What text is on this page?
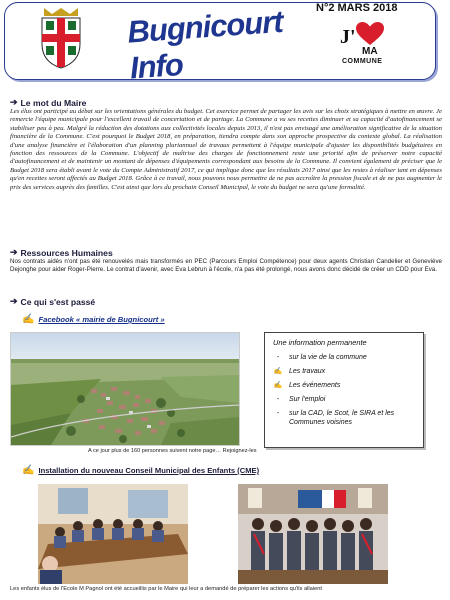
Bugnicourt Info
N°2 MARS 2018
J'
MA
COMMUNE
➔ Le mot du Maire
Les élus ont participé au débat sur les orientations générales du budget. Cet exercice permet de partager les avis sur les choix stratégiques à mettre en œuvre. Je remercie l'équipe municipale pour l'excellent travail de concertation et de partage. La Commune a vu ses recettes diminuer et sa capacité d'autofinancement se stabiliser peu à peu. Malgré la réduction des dotations aux collectivités locales depuis 2013, il n'est pas envisagé une amélioration significative de la situation financière de la Commune. C'est pourquoi le Budget 2018, en préparation, tiendra compte dans son approche prospective du contexte global. La réalisation d'une analyse financière et l'élaboration d'un planning pluriannuel de travaux permettent à l'équipe municipale d'ajuster les disponibilités budgétaires en fonction des ressources de la Commune. L'objectif de maîtrise des charges de fonctionnement reste une priorité afin de préserver notre capacité d'autofinancement et de maintenir un montant de dépenses d'équipements correspondant aux besoins de la Commune. Il convient également de préciser que le Budget 2018 sera établi avant le vote du Compte Administratif 2017, ce qui implique donc que les résultats 2017 ainsi que les restes à réaliser tant en dépenses qu'en recettes seront affectés au Budget 2018. Grâce à ce travail, nous pouvons nous permettre de ne pas accroître la pression fiscale et de ne pas augmenter le prix des services auprès des familles. C'est ainsi que lors du prochain Conseil Municipal, le vote du budget ne sera qu'une formalité.
➔ Ressources Humaines
Nos contrats aidés n'ont pas été renouvelés mais transformés en PEC (Parcours Emploi Compétence) pour deux agents Christian Candelier et Geneviève Dejonghe pour aider Roger-Pierre. Le contrat d'avenir, avec Eva Lebrun à l'école, n'a pas été prolongé, nous avons donc décidé de créer un CDD pour Eva.
➔ Ce qui s'est passé
✍ Facebook « mairie de Bugnicourt »
A ce jour plus de 160 personnes suivent notre page… Rejoignez-les
Une information permanente
-	sur la vie de la commune
✍ Les travaux
✍ Les événements
-	Sur l'emploi
-	sur la CAD, le Scot, le SIRA et les Communes voisines
✍ Installation du nouveau Conseil Municipal des Enfants (CME)
Les enfants élus de l'Ecole M Pagnol ont été accueillis par le Maire qui leur a demandé de préparer les actions qu'ils allaient
